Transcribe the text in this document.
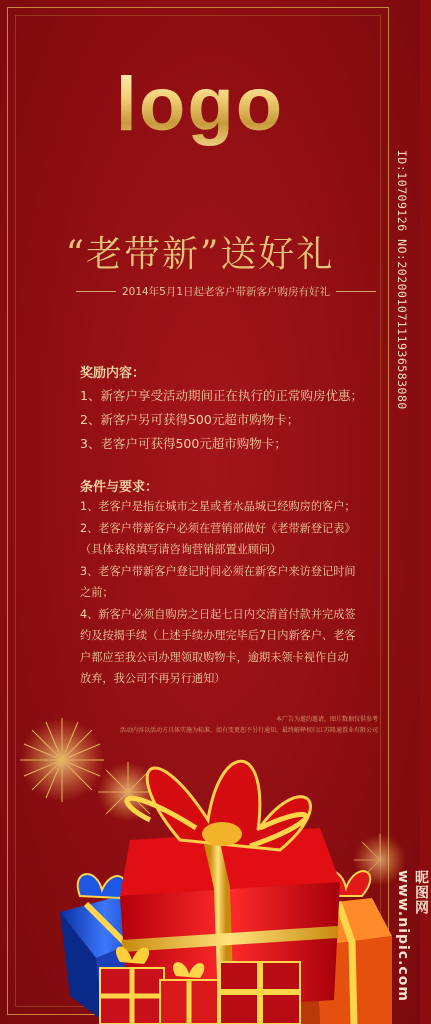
logo
“老带新”送好礼
2014年5月1日起老客户带新客户购房有好礼
奖励内容：
1、新客户享受活动期间正在执行的正常购房优惠；
2、新客户另可获得500元超市购物卡；
3、老客户可获得500元超市购物卡；
条件与要求：
1、老客户是指在城市之星或者水晶城已经购房的客户；
2、老客户带新客户必须在营销部做好《老带新登记表》
（具体表格填写请咨询营销部置业顾问）
3、老客户带新客户登记时间必须在新客户来访登记时间
之前；
4、新客户必须自购房之日起七日内交清首付款并完成签
约及按揭手续（上述手续办理完毕后7日内新客户、老客
户都应至我公司办理领取购物卡，逾期未领卡视作自动
放弃，我公司不再另行通知）
本广告为邀约邀请，图片数据仅供参考
活动内容以活动方具体实施为标准，如有变更恕不另行通知，最终解释权归江苏隆通置业有限公司
ID:10709126 NO:20200107111936583080
昵图网 www.nipic.com
